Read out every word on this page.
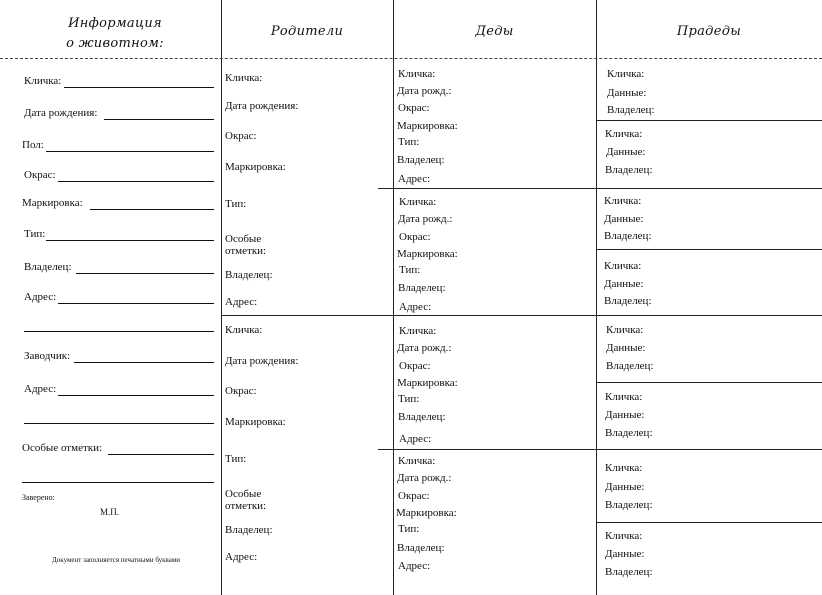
Информация
о животном:
Родители	Деды	Прадеды
Кличка:
Дата рождения:
Пол:
Окрас:
Маркировка:
Тип:
Владелец:
Адрес:
Заводчик:
Адрес:
Особые отметки:
Заверено:
М.П.
Документ заполняется печатными буквами
Кличка:
Дата рождения:
Окрас:
Маркировка:
Тип:
Особые отметки:
Владелец:
Адрес:
Кличка:
Дата рождения:
Окрас:
Маркировка:
Тип:
Особые отметки:
Владелец:
Адрес:
Кличка:
Дата рожд.:
Окрас:
Маркировка:
Тип:
Владелец:
Адрес:
Кличка:
Дата рожд.:
Окрас:
Маркировка:
Тип:
Владелец:
Адрес:
Кличка:
Дата рожд.:
Окрас:
Маркировка:
Тип:
Владелец:
Адрес:
Кличка:
Дата рожд.:
Окрас:
Маркировка:
Тип:
Владелец:
Адрес:
Кличка:
Данные:
Владелец:
Кличка:
Данные:
Владелец:
Кличка:
Данные:
Владелец:
Кличка:
Данные:
Владелец:
Кличка:
Данные:
Владелец:
Кличка:
Данные:
Владелец:
Кличка:
Данные:
Владелец:
Кличка:
Данные:
Владелец:
